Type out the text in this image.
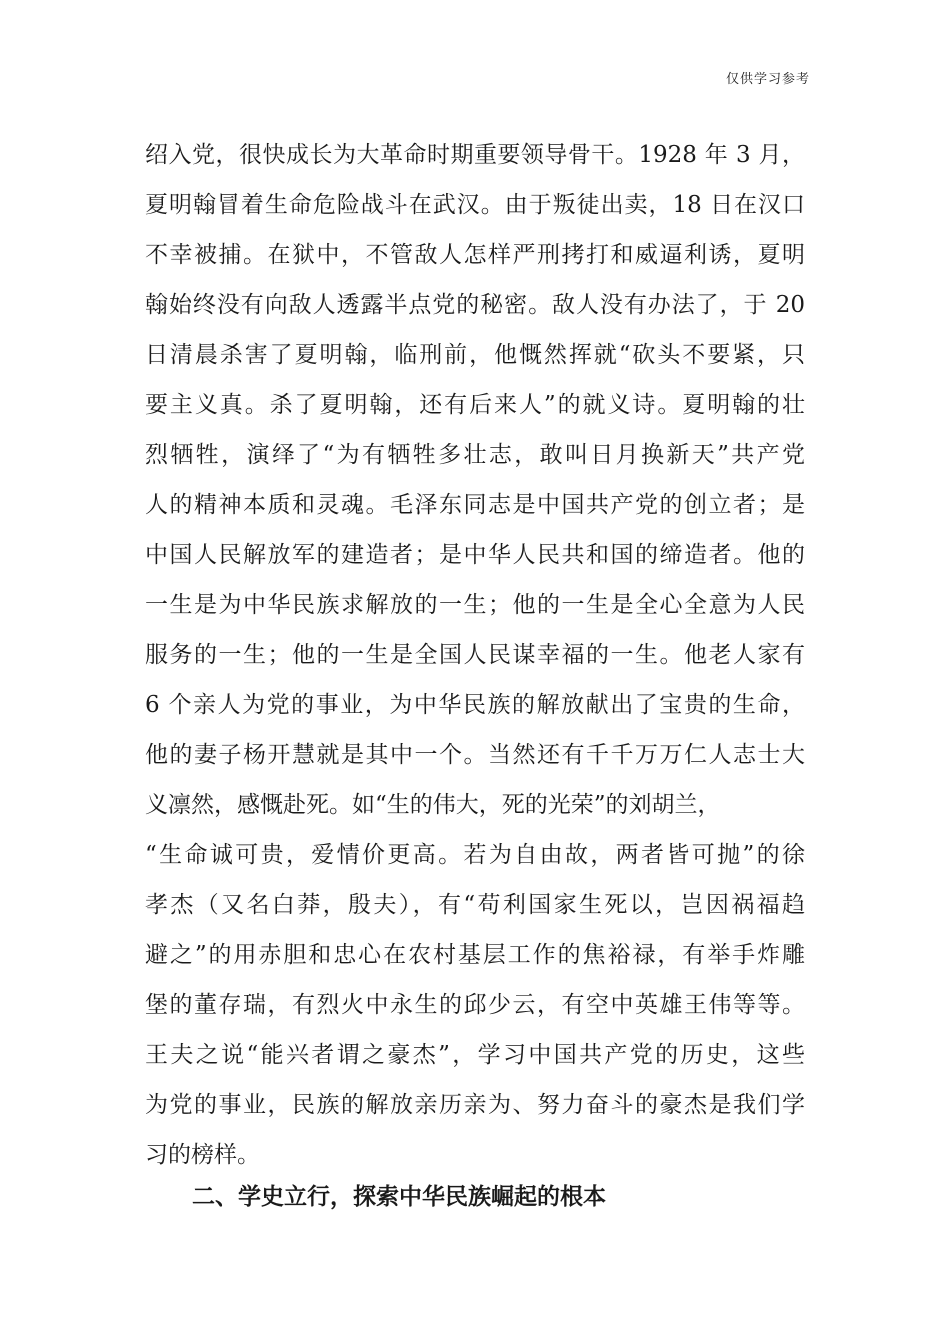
仅供学习参考
绍入党，很快成长为大革命时期重要领导骨干。1928 年 3 月，
夏明翰冒着生命危险战斗在武汉。由于叛徒出卖，18 日在汉口
不幸被捕。在狱中，不管敌人怎样严刑拷打和威逼利诱，夏明
翰始终没有向敌人透露半点党的秘密。敌人没有办法了，于 20
日清晨杀害了夏明翰，临刑前，他慨然挥就“砍头不要紧，只
要主义真。杀了夏明翰，还有后来人”的就义诗。夏明翰的壮
烈牺牲，演绎了“为有牺牲多壮志，敢叫日月换新天”共产党
人的精神本质和灵魂。毛泽东同志是中国共产党的创立者；是
中国人民解放军的建造者；是中华人民共和国的缔造者。他的
一生是为中华民族求解放的一生；他的一生是全心全意为人民
服务的一生；他的一生是全国人民谋幸福的一生。他老人家有
6 个亲人为党的事业，为中华民族的解放献出了宝贵的生命，
他的妻子杨开慧就是其中一个。当然还有千千万万仁人志士大
义凛然，感慨赴死。如“生的伟大，死的光荣”的刘胡兰，
“生命诚可贵，爱情价更高。若为自由故，两者皆可抛”的徐
孝杰（又名白莽，殷夫），有“苟利国家生死以，岂因祸福趋
避之”的用赤胆和忠心在农村基层工作的焦裕禄，有举手炸雕
堡的董存瑞，有烈火中永生的邱少云，有空中英雄王伟等等。
王夫之说“能兴者谓之豪杰”，学习中国共产党的历史，这些
为党的事业，民族的解放亲历亲为、努力奋斗的豪杰是我们学
习的榜样。
二、学史立行，探索中华民族崛起的根本
